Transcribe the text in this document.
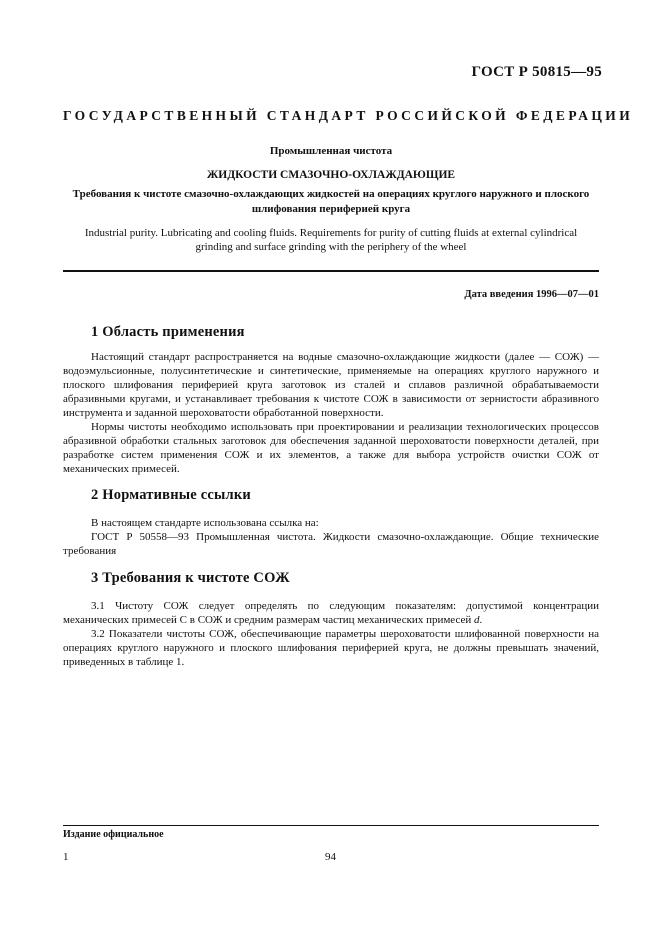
ГОСТ Р 50815—95
ГОСУДАРСТВЕННЫЙ СТАНДАРТ РОССИЙСКОЙ ФЕДЕРАЦИИ
Промышленная чистота
ЖИДКОСТИ СМАЗОЧНО-ОХЛАЖДАЮЩИЕ
Требования к чистоте смазочно-охлаждающих жидкостей на операциях круглого наружного и плоского шлифования периферией круга
Industrial purity. Lubricating and cooling fluids. Requirements for purity of cutting fluids at external cylindrical grinding and surface grinding with the periphery of the wheel
Дата введения 1996—07—01
1 Область применения
Настоящий стандарт распространяется на водные смазочно-охлаждающие жидкости (далее — СОЖ) — водоэмульсионные, полусинтетические и синтетические, применяемые на операциях круглого наружного и плоского шлифования периферией круга заготовок из сталей и сплавов различной обрабатываемости абразивными кругами, и устанавливает требования к чистоте СОЖ в зависимости от зернистости абразивного инструмента и заданной шероховатости обработанной поверхности.
Нормы чистоты необходимо использовать при проектировании и реализации технологических процессов абразивной обработки стальных заготовок для обеспечения заданной шероховатости поверхности деталей, при разработке систем применения СОЖ и их элементов, а также для выбора устройств очистки СОЖ от механических примесей.
2 Нормативные ссылки
В настоящем стандарте использована ссылка на:
ГОСТ Р 50558—93 Промышленная чистота. Жидкости смазочно-охлаждающие. Общие технические требования
3 Требования к чистоте СОЖ
3.1 Чистоту СОЖ следует определять по следующим показателям: допустимой концентрации механических примесей С в СОЖ и средним размерам частиц механических примесей d.
3.2 Показатели чистоты СОЖ, обеспечивающие параметры шероховатости шлифованной поверхности на операциях круглого наружного и плоского шлифования периферией круга, не должны превышать значений, приведенных в таблице 1.
Издание официальное
1	94
